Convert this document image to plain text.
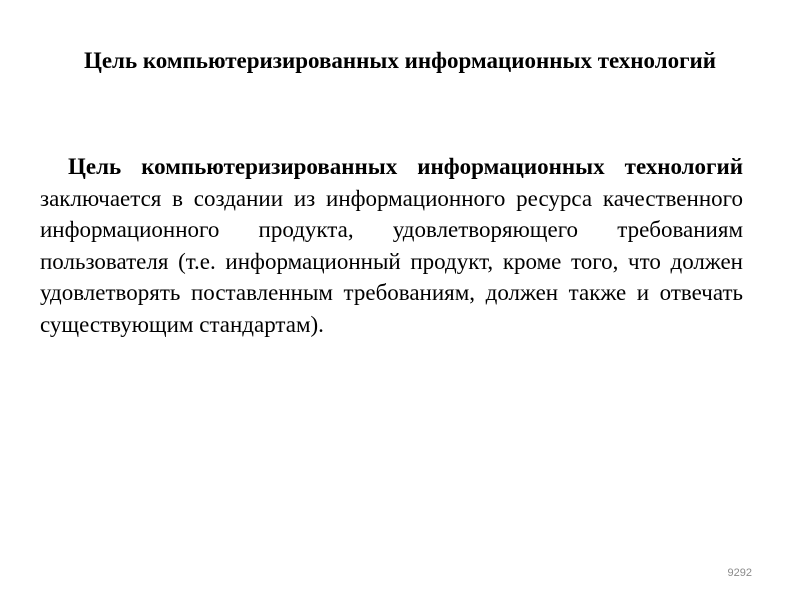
Цель компьютеризированных информационных технологий

Цель компьютеризированных информационных технологий заключается в создании из информационного ресурса качественного информационного продукта, удовлетворяющего требованиям пользователя (т.е. информационный продукт, кроме того, что должен удовлетворять поставленным требованиям, должен также и отвечать существующим стандартам).

9292
